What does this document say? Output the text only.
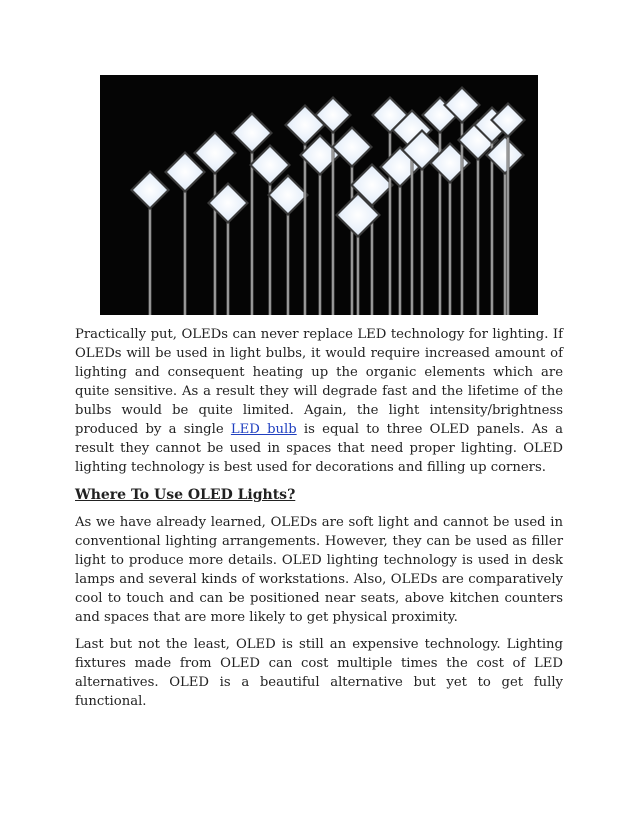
Practically put, OLEDs can never replace LED technology for lighting. If OLEDs will be used in light bulbs, it would require increased amount of lighting and consequent heating up the organic elements which are quite sensitive. As a result they will degrade fast and the lifetime of the bulbs would be quite limited. Again, the light intensity/brightness produced by a single LED bulb is equal to three OLED panels. As a result they cannot be used in spaces that need proper lighting. OLED lighting technology is best used for decorations and filling up corners.

Where To Use OLED Lights?

As we have already learned, OLEDs are soft light and cannot be used in conventional lighting arrangements. However, they can be used as filler light to produce more details. OLED lighting technology is used in desk lamps and several kinds of workstations. Also, OLEDs are comparatively cool to touch and can be positioned near seats, above kitchen counters and spaces that are more likely to get physical proximity.

Last but not the least, OLED is still an expensive technology. Lighting fixtures made from OLED can cost multiple times the cost of LED alternatives. OLED is a beautiful alternative but yet to get fully functional.
